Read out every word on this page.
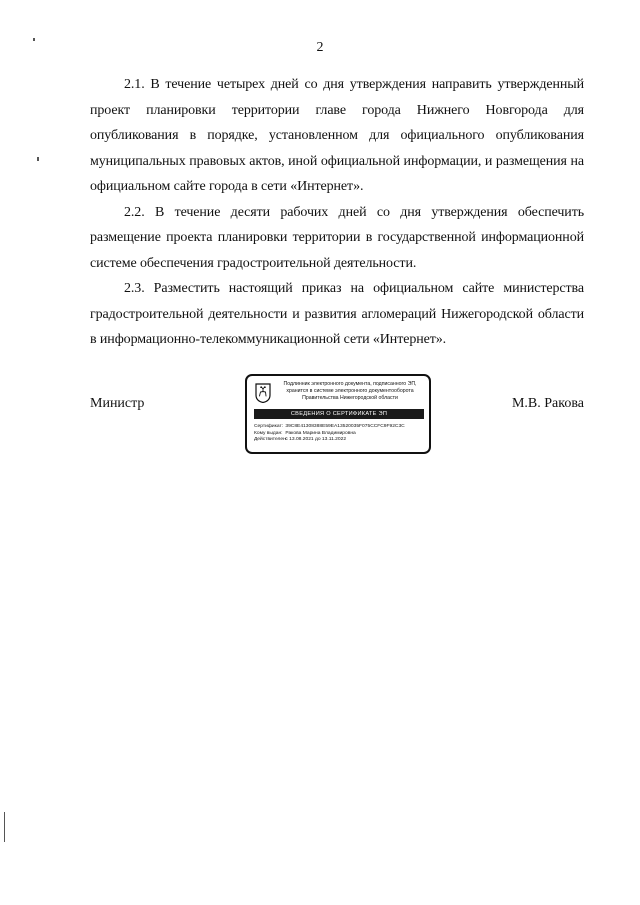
2

2.1. В течение четырех дней со дня утверждения направить утвержденный проект планировки территории главе города Нижнего Новгорода для опубликования в порядке, установленном для официального опубликования муниципальных правовых актов, иной официальной информации, и размещения на официальном сайте города в сети «Интернет».

2.2. В течение десяти рабочих дней со дня утверждения обеспечить размещение проекта планировки территории в государственной информационной системе обеспечения градостроительной деятельности.

2.3. Разместить настоящий приказ на официальном сайте министерства градостроительной деятельности и развития агломераций Нижегородской области в информационно-телекоммуникационной сети «Интернет».

Министр
Подлинник электронного документа, подписанного ЭП,
хранится в системе электронного документооборота
Правительства Нижегородской области
СВЕДЕНИЯ О СЕРТИФИКАТЕ ЭП
Сертификат: 39C8E41308388E59EA13520035F075CCFC9F92C3C
Кому выдан: Ракова Марина Владимировна
Действителен: с 13.08.2021 до 13.11.2022
М.В. Ракова
